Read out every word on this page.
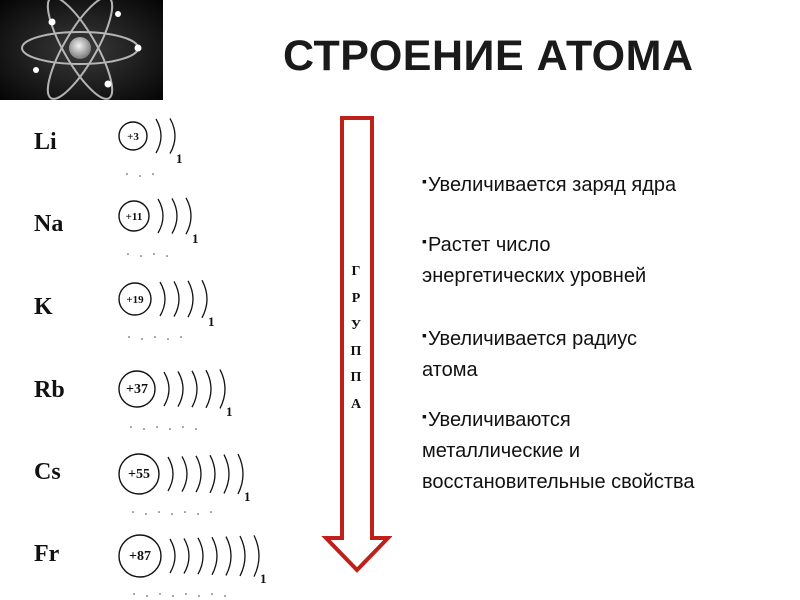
СТРОЕНИЕ АТОМА
Li
Na
K
Rb
Cs
Fr
+3
1
+11
1
+19
1
+37
1
+55
1
+87
1
Г
Р
У
П
П
А
▪Увеличивается заряд ядра
▪Растет число
энергетических уровней
▪Увеличивается радиус
атома
▪Увеличиваются
металлические и
восстановительные свойства
